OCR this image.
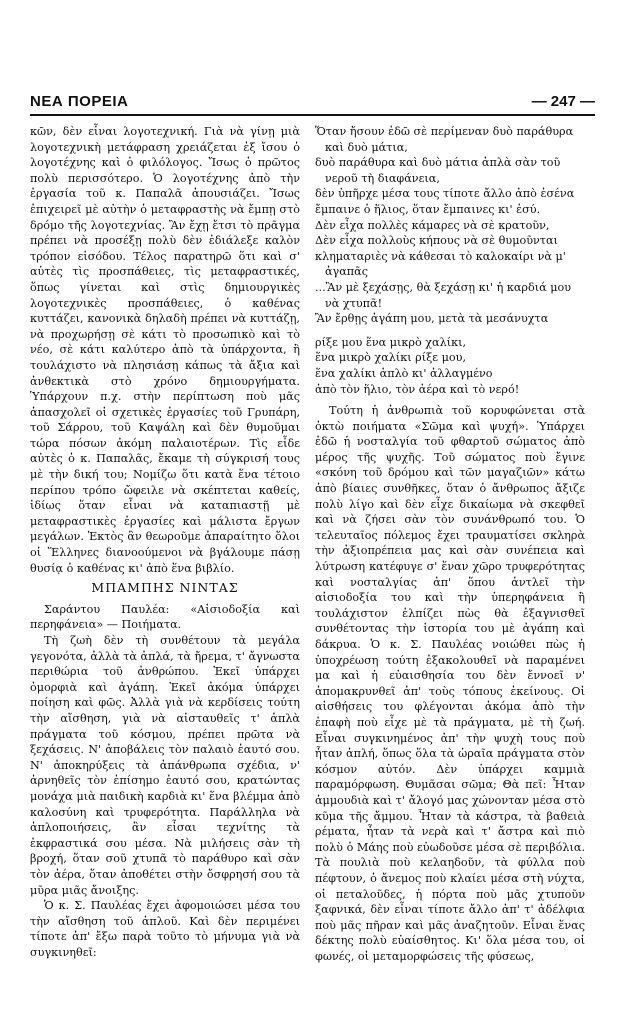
ΝΕΑ ΠΟΡΕΙΑ	— 247 —

κῶν, δὲν εἶναι λογοτεχνική. Γιὰ νὰ γίνῃ μιὰ λογοτεχνικὴ μετάφραση χρειάζεται ἐξ ἴσου ὁ λογοτέχνης καὶ ὁ φιλόλογος. Ἴσως ὁ πρῶτος πολὺ περισσότερο. Ὁ λογοτέχνης ἀπὸ τὴν ἐργασία τοῦ κ. Παπαλᾶ ἀπουσιάζει. Ἴσως ἐπιχειρεῖ μὲ αὐτὴν ὁ μεταφραστὴς νὰ ἔμπῃ στὸ δρόμο τῆς λογοτεχνίας. Ἂν ἔχῃ ἔτσι τὸ πρᾶγμα πρέπει νὰ προσέξῃ πολὺ δὲν ἐδιάλεξε καλὸν τρόπον εἰσόδου. Τέλος παρατηρῶ ὅτι καὶ σ' αὐτὲς τὶς προσπάθειες, τὶς μεταφραστικές, ὅπως γίνεται καὶ στὶς δημιουργικὲς λογοτεχνικὲς προσπάθειες, ὁ καθένας κυττάζει, κανονικὰ δηλαδὴ πρέπει νὰ κυττάζῃ, νὰ προχωρήσῃ σὲ κάτι τὸ προσωπικὸ καὶ τὸ νέο, σὲ κάτι καλύτερο ἀπὸ τὰ ὑπάρχοντα, ἢ τουλάχιστο νὰ πλησιάσῃ κάπως τὰ ἄξια καὶ ἀνθεκτικὰ στὸ χρόνο δημιουργήματα. Ὑπάρχουν π.χ. στὴν περίπτωση ποὺ μᾶς ἀπασχολεῖ οἱ σχετικὲς ἐργασίες τοῦ Γρυπάρη, τοῦ Σάρρου, τοῦ Καψάλη καὶ δὲν θυμοῦμαι τώρα πόσων ἀκόμη παλαιοτέρων. Τὶς εἶδε αὐτὲς ὁ κ. Παπαλᾶς, ἔκαμε τὴ σύγκρισή τους μὲ τὴν δική του; Νομίζω ὅτι κατὰ ἕνα τέτοιο περίπου τρόπο ὤφειλε νὰ σκέπτεται καθείς, ἰδίως ὅταν εἶναι νὰ καταπιαστῇ μὲ μεταφραστικὲς ἐργασίες καὶ μάλιστα ἔργων μεγάλων. Ἐκτὸς ἂν θεωροῦμε ἀπαραίτητο ὅλοι οἱ Ἕλληνες διανοούμενοι νὰ βγάλουμε πάσῃ θυσίᾳ ὁ καθένας κι' ἀπὸ ἕνα βιβλίο.

ΜΠΑΜΠΗΣ ΝΙΝΤΑΣ

Σαράντου Παυλέα: «Αἰσιοδοξία καὶ περηφάνεια» — Ποιήματα.

Τὴ ζωὴ δὲν τὴ συνθέτουν τὰ μεγάλα γεγονότα, ἀλλὰ τὰ ἁπλά, τὰ ἤρεμα, τ' ἄγνωστα περιθώρια τοῦ ἀνθρώπου. Ἐκεῖ ὑπάρχει ὀμορφιὰ καὶ ἀγάπη. Ἐκεῖ ἀκόμα ὑπάρχει ποίηση καὶ φῶς. Ἀλλὰ γιὰ νὰ κερδίσεις τούτη τὴν αἴσθηση, γιὰ νὰ αἰσταυθεῖς τ' ἁπλὰ πράγματα τοῦ κόσμου, πρέπει πρῶτα νὰ ξεχάσεις. Ν' ἀποβάλεις τὸν παλαιὸ ἑαυτό σου. Ν' ἀποκηρύξεις τὰ ἀπάνθρωπα σχέδια, ν' ἀρνηθεῖς τὸν ἐπίσημο ἑαυτό σου, κρατώντας μονάχα μιὰ παιδικὴ καρδιὰ κι' ἕνα βλέμμα ἀπὸ καλοσύνη καὶ τρυφερότητα. Παράλληλα νὰ ἁπλοποιήσεις, ἂν εἶσαι τεχνίτης τὰ ἐκφραστικά σου μέσα. Νὰ μιλήσεις σὰν τὴ βροχή, ὅταν σοῦ χτυπᾶ τὸ παράθυρο καὶ σὰν τὸν ἀέρα, ὅταν ἀποθέτει στὴν ὄσφρησή σου τὰ μῦρα μιᾶς ἄνοιξης.

Ὁ κ. Σ. Παυλέας ἔχει ἀφομοιώσει μέσα του τὴν αἴσθηση τοῦ ἁπλοῦ. Καὶ δὲν περιμένει τίποτε ἀπ' ἔξω παρὰ τοῦτο τὸ μήνυμα γιὰ νὰ συγκινηθεῖ:

Ὅταν ἤσουν ἐδῶ σὲ περίμεναν δυὸ παράθυρα καὶ δυὸ μάτια,
δυὸ παράθυρα καὶ δυὸ μάτια ἁπλὰ σὰν τοῦ νεροῦ τὴ διαφάνεια,
δὲν ὑπῆρχε μέσα τους τίποτε ἄλλο ἀπὸ ἐσένα
ἔμπαινε ὁ ἥλιος, ὅταν ἔμπαινες κι' ἐσύ.
Δὲν εἶχα πολλὲς κάμαρες νὰ σὲ κρατοῦν,
Δὲν εἶχα πολλοὺς κήπους νὰ σὲ θυμοῦνται
κληματαριὲς νὰ κάθεσαι τὸ καλοκαίρι νὰ μ' ἀγαπᾶς
...Ἂν μὲ ξεχάσῃς, θὰ ξεχάσῃ κι' ἡ καρδιά μου νὰ χτυπᾶ!
Ἂν ἔρθῃς ἀγάπη μου, μετὰ τὰ μεσάνυχτα
ρίξε μου ἕνα μικρὸ χαλίκι,
ἕνα μικρὸ χαλίκι ρίξε μου,
ἕνα χαλίκι ἁπλὸ κι' ἀλλαγμένο
ἀπὸ τὸν ἥλιο, τὸν ἀέρα καὶ τὸ νερό!

Τούτη ἡ ἀνθρωπιὰ τοῦ κορυφώνεται στὰ ὀκτὼ ποιήματα «Σῶμα καὶ ψυχή». Ὑπάρχει ἐδῶ ἡ νοσταλγία τοῦ φθαρτοῦ σώματος ἀπὸ μέρος τῆς ψυχῆς. Τοῦ σώματος ποὺ ἔγινε «σκόνη τοῦ δρόμου καὶ τῶν μαγαζιῶν» κάτω ἀπὸ βίαιες συνθῆκες, ὅταν ὁ ἄνθρωπος ἄξιζε πολὺ λίγο καὶ δὲν εἶχε δικαίωμα νὰ σκεφθεῖ καὶ νὰ ζήσει σὰν τὸν συνάνθρωπό του. Ὁ τελευταῖος πόλεμος ἔχει τραυματίσει σκληρὰ τὴν ἀξιοπρέπεια μας καὶ σὰν συνέπεια καὶ λύτρωση κατέφυγε σ' ἕναν χῶρο τρυφερότητας καὶ νοσταλγίας ἀπ' ὅπου ἀντλεῖ τὴν αἰσιοδοξία του καὶ τὴν ὑπερηφάνεια ἢ τουλάχιστον ἐλπίζει πὼς θὰ ἐξαγνισθεῖ συνθέτοντας τὴν ἱστορία του μὲ ἀγάπη καὶ δάκρυα. Ὁ κ. Σ. Παυλέας νοιώθει πὼς ἡ ὑποχρέωση τούτη ἐξακολουθεῖ νὰ παραμένει μα καὶ ἡ εὐαισθησία του δὲν ἔννοεῖ ν' ἀπομακρυνθεῖ ἀπ' τοὺς τόπους ἐκείνους. Οἱ αἰσθήσεις του φλέγονται ἀκόμα ἀπὸ τὴν ἐπαφὴ ποὺ εἶχε μὲ τὰ πράγματα, μὲ τὴ ζωή. Εἶναι συγκινημένος ἀπ' τὴν ψυχὴ τους ποὺ ἦταν ἁπλή, ὅπως ὅλα τὰ ὡραῖα πράγματα στὸν κόσμον αὐτόν. Δὲν ὑπάρχει καμμιὰ παραμόρφωση. Θυμᾶσαι σῶμα; Θὰ πεῖ: Ἦταν ἀμμουδιὰ καὶ τ' ἄλογό μας χώνονταν μέσα στὸ κῦμα τῆς ἄμμου. Ἦταν τὰ κάστρα, τὰ βαθειὰ ρέματα, ἦταν τὰ νερὰ καὶ τ' ἄστρα καὶ πιὸ πολὺ ὁ Μάης ποὺ εὐωδοῦσε μέσα σὲ περιβόλια. Τὰ πουλιὰ ποὺ κελαηδοῦν, τὰ φύλλα ποὺ πέφτουν, ὁ ἄνεμος ποὺ κλαίει μέσα στὴ νύχτα, οἱ πεταλοῦδες, ἡ πόρτα ποὺ μᾶς χτυποῦν ξαφνικά, δὲν εἶναι τίποτε ἄλλο ἀπ' τ' ἀδέλφια ποὺ μᾶς πῆραν καὶ μᾶς ἀναζητοῦν. Εἶναι ἕνας δέκτης πολὺ εὐαίσθητος. Κι' ὅλα μέσα του, οἱ φωνές, οἱ μεταμορφώσεις τῆς φύσεως,
